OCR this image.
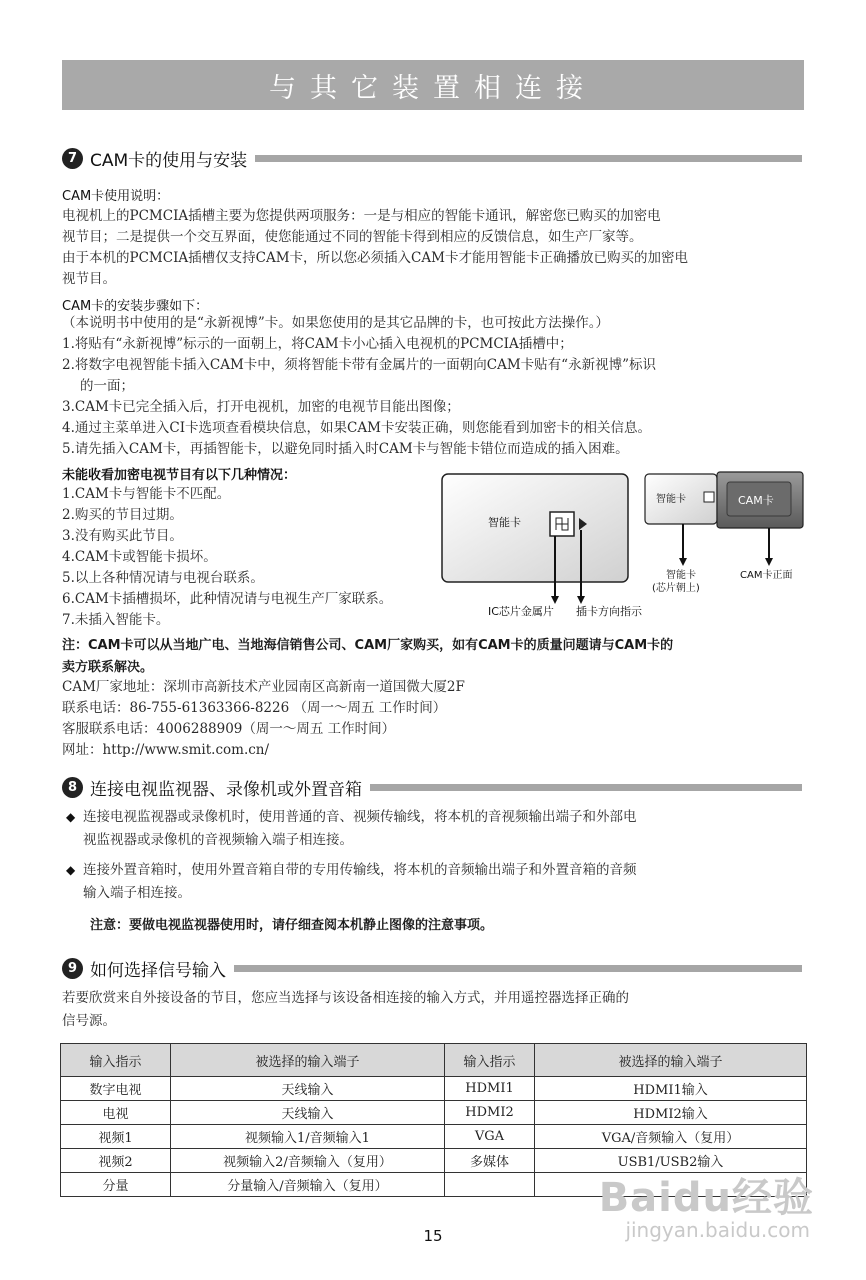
与其它装置相连接
7 CAM卡的使用与安装
CAM卡使用说明：
电视机上的PCMCIA插槽主要为您提供两项服务：一是与相应的智能卡通讯，解密您已购买的加密电
视节目；二是提供一个交互界面，使您能通过不同的智能卡得到相应的反馈信息，如生产厂家等。
由于本机的PCMCIA插槽仅支持CAM卡，所以您必须插入CAM卡才能用智能卡正确播放已购买的加密电
视节目。
CAM卡的安装步骤如下：
（本说明书中使用的是“永新视博”卡。如果您使用的是其它品牌的卡，也可按此方法操作。）
1.将贴有“永新视博”标示的一面朝上，将CAM卡小心插入电视机的PCMCIA插槽中；
2.将数字电视智能卡插入CAM卡中，须将智能卡带有金属片的一面朝向CAM卡贴有“永新视博”标识
的一面；
3.CAM卡已完全插入后，打开电视机，加密的电视节目能出图像；
4.通过主菜单进入CI卡选项查看模块信息，如果CAM卡安装正确，则您能看到加密卡的相关信息。
5.请先插入CAM卡，再插智能卡，以避免同时插入时CAM卡与智能卡错位而造成的插入困难。
未能收看加密电视节目有以下几种情况：
1.CAM卡与智能卡不匹配。
2.购买的节目过期。
3.没有购买此节目。
4.CAM卡或智能卡损坏。
5.以上各种情况请与电视台联系。
6.CAM卡插槽损坏，此种情况请与电视生产厂家联系。
7.未插入智能卡。
智能卡
IC芯片金属片 插卡方向指示
智能卡	CAM卡
智能卡
(芯片朝上)
CAM卡正面
注：CAM卡可以从当地广电、当地海信销售公司、CAM厂家购买，如有CAM卡的质量问题请与CAM卡的
卖方联系解决。
CAM厂家地址：深圳市高新技术产业园南区高新南一道国微大厦2F
联系电话：86-755-61363366-8226 （周一～周五 工作时间）
客服联系电话：4006288909（周一～周五 工作时间）
网址：http://www.smit.com.cn/
8 连接电视监视器、录像机或外置音箱
◆ 连接电视监视器或录像机时，使用普通的音、视频传输线，将本机的音视频输出端子和外部电
视监视器或录像机的音视频输入端子相连接。
◆ 连接外置音箱时，使用外置音箱自带的专用传输线，将本机的音频输出端子和外置音箱的音频
输入端子相连接。
注意：要做电视监视器使用时，请仔细查阅本机静止图像的注意事项。
9 如何选择信号输入
若要欣赏来自外接设备的节目，您应当选择与该设备相连接的输入方式，并用遥控器选择正确的
信号源。
输入指示	被选择的输入端子	输入指示	被选择的输入端子
数字电视	天线输入	HDMI1	HDMI1输入
电视	天线输入	HDMI2	HDMI2输入
视频1	视频输入1/音频输入1	VGA	VGA/音频输入（复用）
视频2	视频输入2/音频输入（复用）	多媒体	USB1/USB2输入
分量	分量输入/音频输入（复用）			Baidu经验
jingyan.baidu.com
15
